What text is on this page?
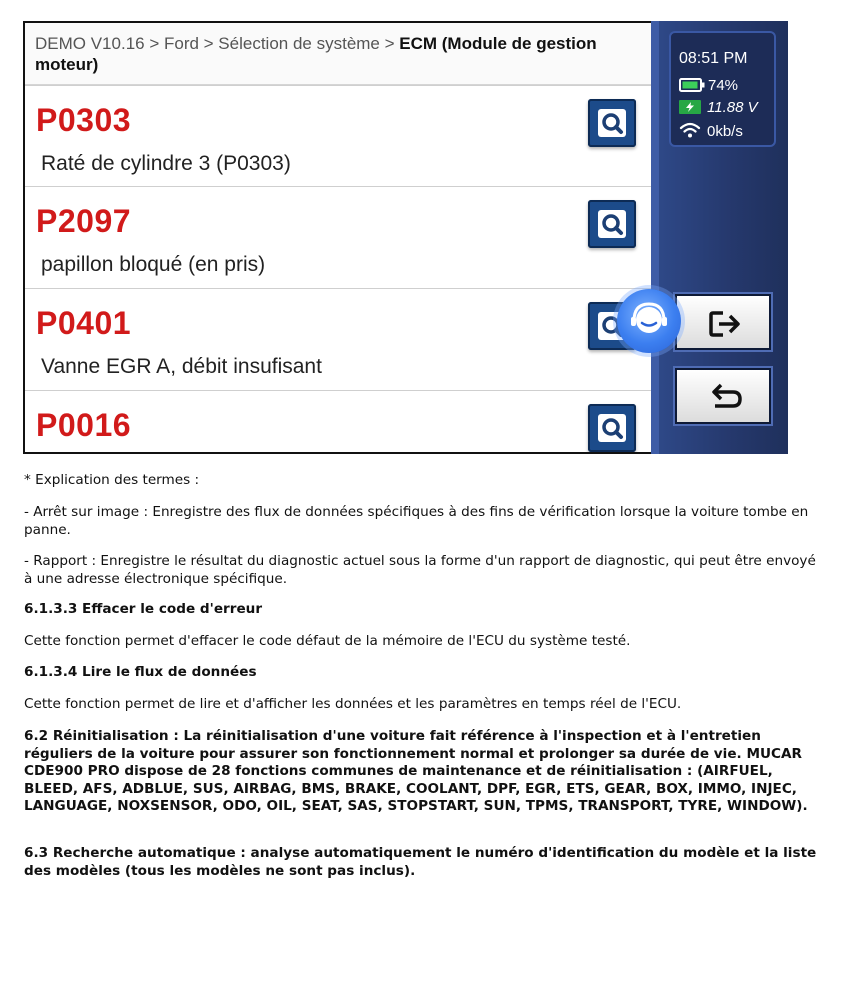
DEMO V10.16 > Ford > Sélection de système > ECM (Module de gestion moteur)
P0303
Raté de cylindre 3 (P0303)
P2097
papillon bloqué (en pris)
P0401
Vanne EGR A, débit insufisant
P0016
08:51 PM
74%
11.88 V
0kb/s
* Explication des termes :
- Arrêt sur image : Enregistre des flux de données spécifiques à des fins de vérification lorsque la voiture tombe en panne.
- Rapport : Enregistre le résultat du diagnostic actuel sous la forme d'un rapport de diagnostic, qui peut être envoyé à une adresse électronique spécifique.
6.1.3.3 Effacer le code d'erreur
Cette fonction permet d'effacer le code défaut de la mémoire de l'ECU du système testé.
6.1.3.4 Lire le flux de données
Cette fonction permet de lire et d'afficher les données et les paramètres en temps réel de l'ECU.
6.2 Réinitialisation : La réinitialisation d'une voiture fait référence à l'inspection et à l'entretien réguliers de la voiture pour assurer son fonctionnement normal et prolonger sa durée de vie. MUCAR CDE900 PRO dispose de 28 fonctions communes de maintenance et de réinitialisation : (AIRFUEL, BLEED, AFS, ADBLUE, SUS, AIRBAG, BMS, BRAKE, COOLANT, DPF, EGR, ETS, GEAR, BOX, IMMO, INJEC, LANGUAGE, NOXSENSOR, ODO, OIL, SEAT, SAS, STOPSTART, SUN, TPMS, TRANSPORT, TYRE, WINDOW).
6.3 Recherche automatique : analyse automatiquement le numéro d'identification du modèle et la liste des modèles (tous les modèles ne sont pas inclus).
